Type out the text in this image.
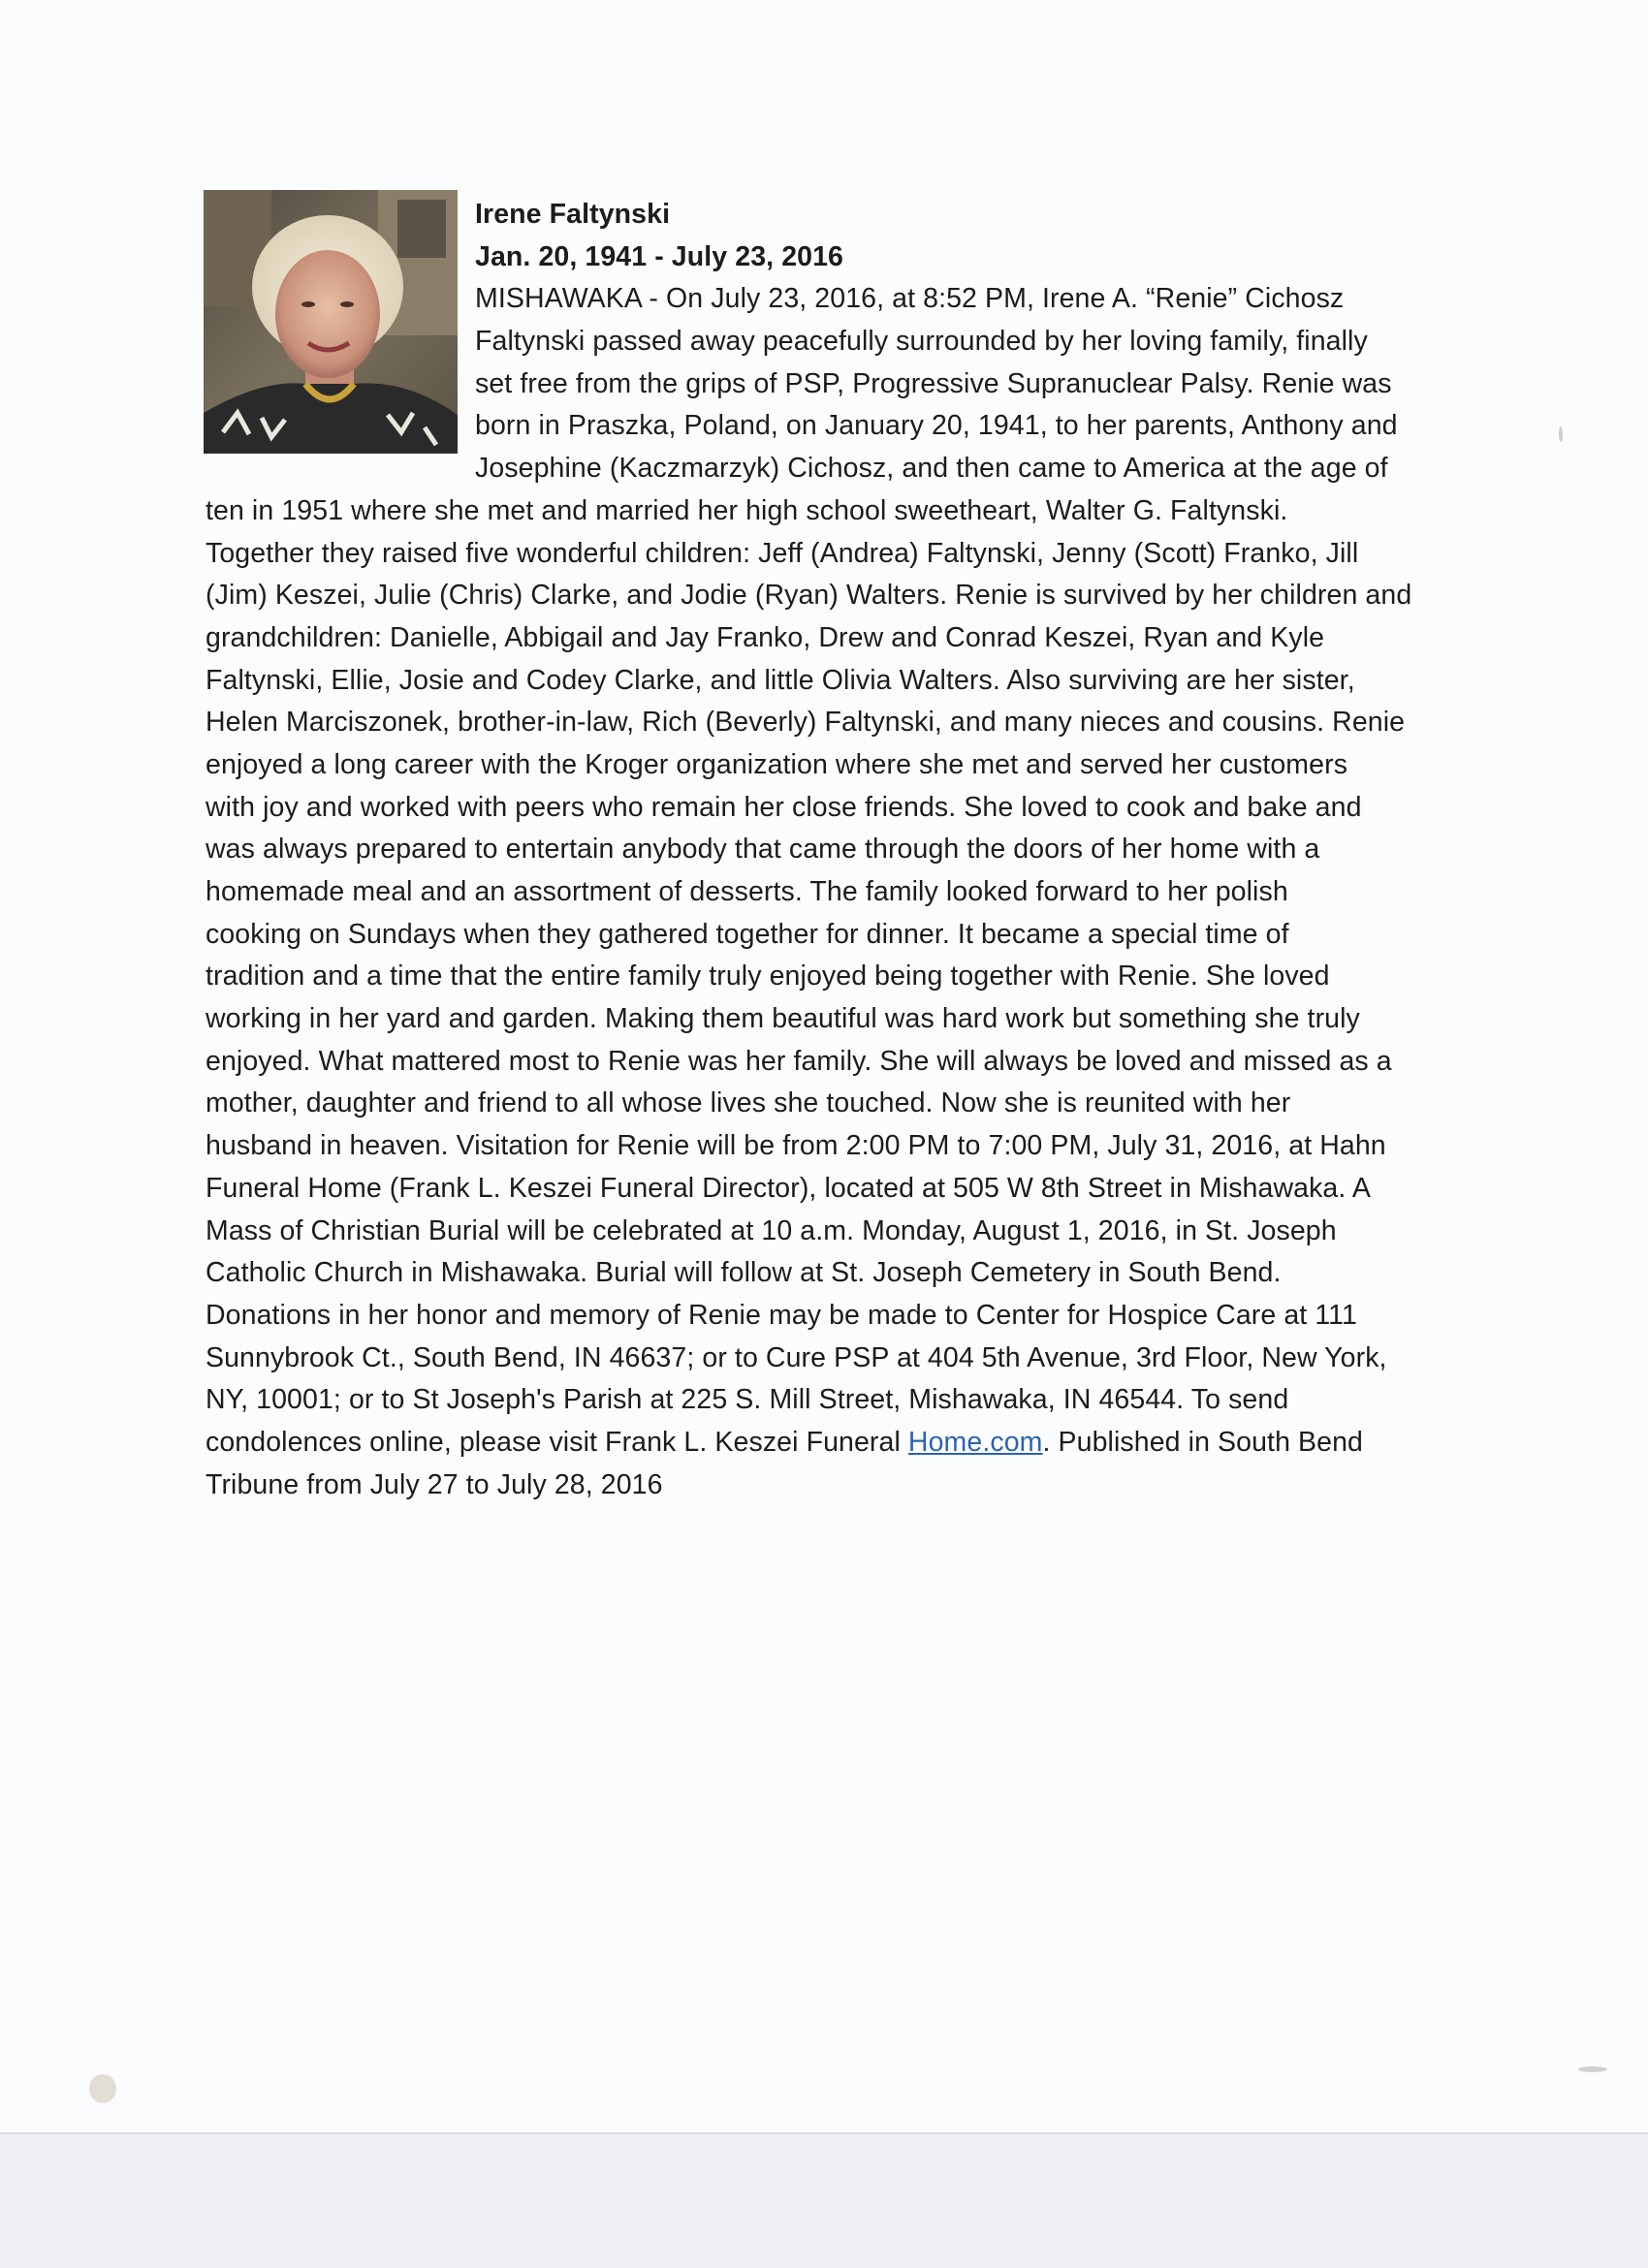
Irene Faltynski
Jan. 20, 1941 - July 23, 2016
MISHAWAKA - On July 23, 2016, at 8:52 PM, Irene A. “Renie” Cichosz
Faltynski passed away peacefully surrounded by her loving family, finally
set free from the grips of PSP, Progressive Supranuclear Palsy. Renie was
born in Praszka, Poland, on January 20, 1941, to her parents, Anthony and
Josephine (Kaczmarzyk) Cichosz, and then came to America at the age of
ten in 1951 where she met and married her high school sweetheart, Walter G. Faltynski.
Together they raised five wonderful children: Jeff (Andrea) Faltynski, Jenny (Scott) Franko, Jill
(Jim) Keszei, Julie (Chris) Clarke, and Jodie (Ryan) Walters. Renie is survived by her children and
grandchildren: Danielle, Abbigail and Jay Franko, Drew and Conrad Keszei, Ryan and Kyle
Faltynski, Ellie, Josie and Codey Clarke, and little Olivia Walters. Also surviving are her sister,
Helen Marciszonek, brother-in-law, Rich (Beverly) Faltynski, and many nieces and cousins. Renie
enjoyed a long career with the Kroger organization where she met and served her customers
with joy and worked with peers who remain her close friends. She loved to cook and bake and
was always prepared to entertain anybody that came through the doors of her home with a
homemade meal and an assortment of desserts. The family looked forward to her polish
cooking on Sundays when they gathered together for dinner. It became a special time of
tradition and a time that the entire family truly enjoyed being together with Renie. She loved
working in her yard and garden. Making them beautiful was hard work but something she truly
enjoyed. What mattered most to Renie was her family. She will always be loved and missed as a
mother, daughter and friend to all whose lives she touched. Now she is reunited with her
husband in heaven. Visitation for Renie will be from 2:00 PM to 7:00 PM, July 31, 2016, at Hahn
Funeral Home (Frank L. Keszei Funeral Director), located at 505 W 8th Street in Mishawaka. A
Mass of Christian Burial will be celebrated at 10 a.m. Monday, August 1, 2016, in St. Joseph
Catholic Church in Mishawaka. Burial will follow at St. Joseph Cemetery in South Bend.
Donations in her honor and memory of Renie may be made to Center for Hospice Care at 111
Sunnybrook Ct., South Bend, IN 46637; or to Cure PSP at 404 5th Avenue, 3rd Floor, New York,
NY, 10001; or to St Joseph's Parish at 225 S. Mill Street, Mishawaka, IN 46544. To send
condolences online, please visit Frank L. Keszei Funeral Home.com. Published in South Bend
Tribune from July 27 to July 28, 2016
